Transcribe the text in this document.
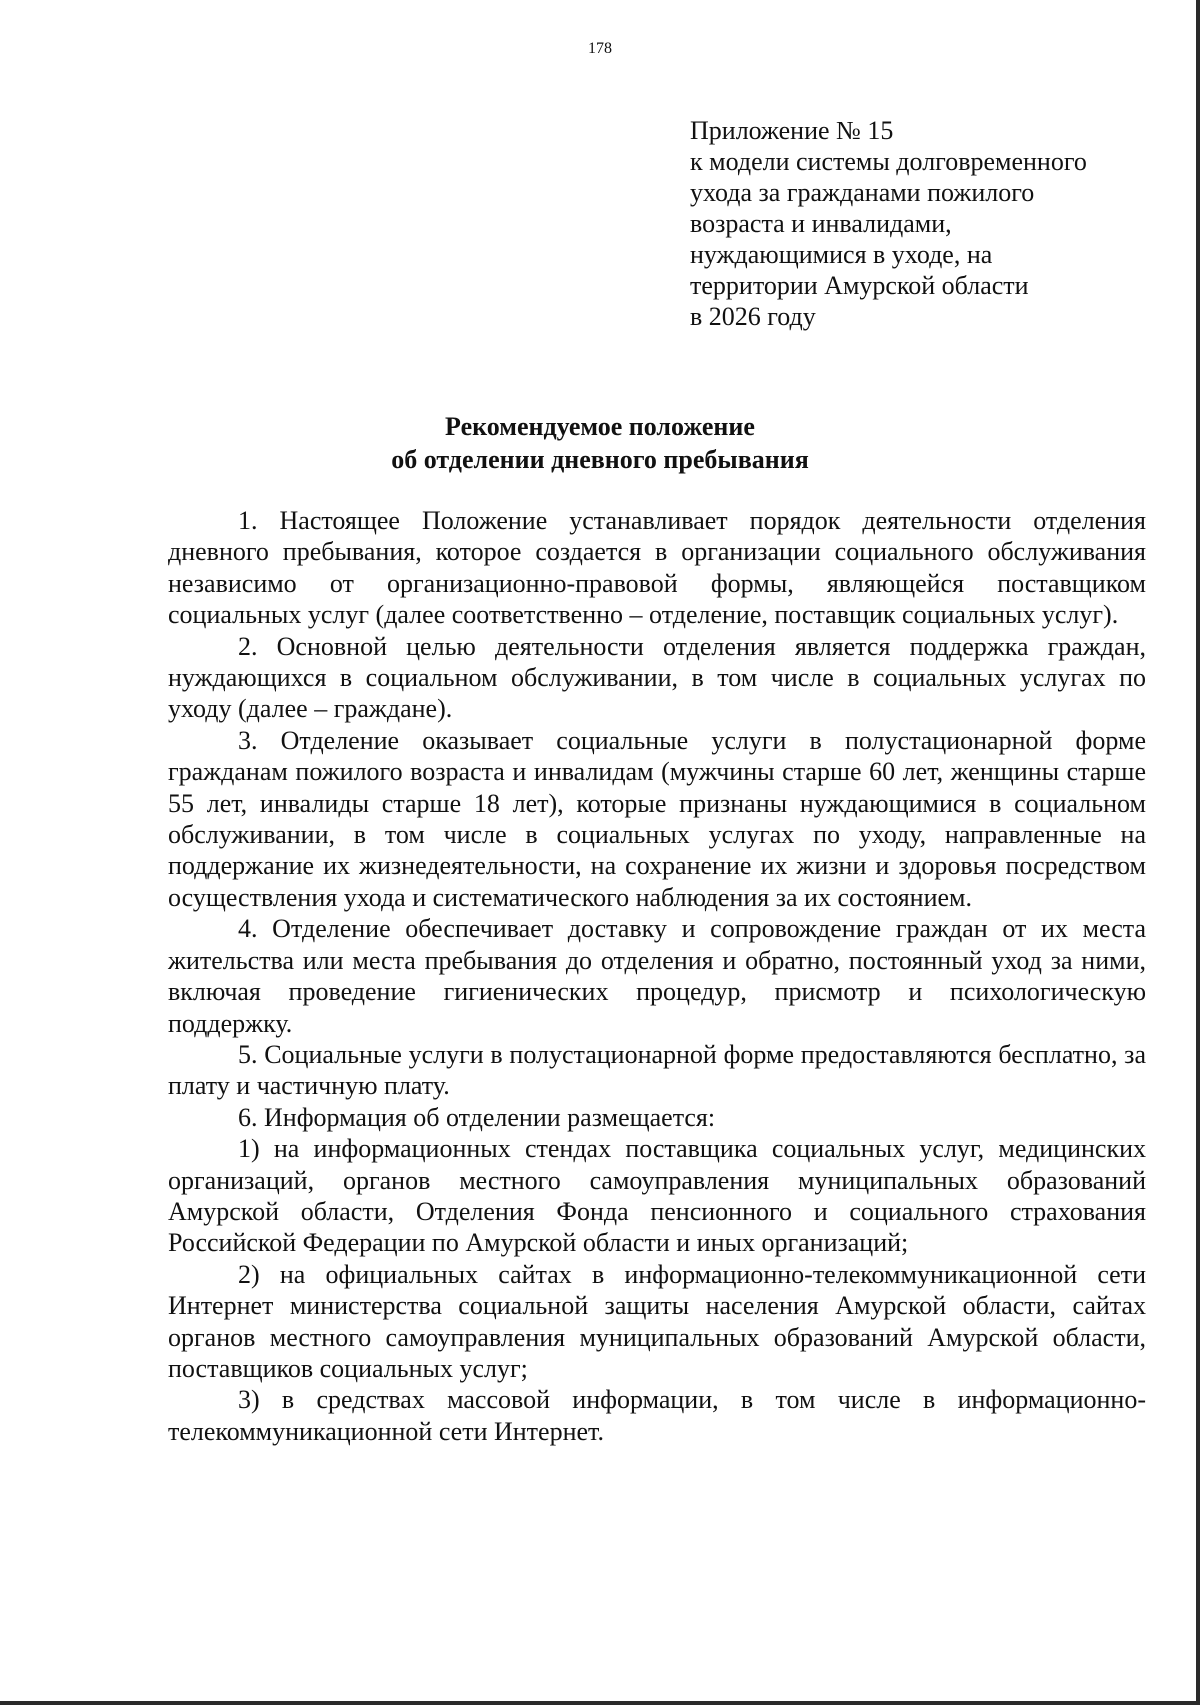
178
Приложение № 15
к модели системы долговременного
ухода за гражданами пожилого
возраста и инвалидами,
нуждающимися в уходе, на
территории Амурской области
в 2026 году
Рекомендуемое положение
об отделении дневного пребывания

1. Настоящее Положение устанавливает порядок деятельности отделения дневного пребывания, которое создается в организации социального обслуживания независимо от организационно-правовой формы, являющейся поставщиком социальных услуг (далее соответственно – отделение, поставщик социальных услуг).

2. Основной целью деятельности отделения является поддержка граждан, нуждающихся в социальном обслуживании, в том числе в социальных услугах по уходу (далее – граждане).

3. Отделение оказывает социальные услуги в полустационарной форме гражданам пожилого возраста и инвалидам (мужчины старше 60 лет, женщины старше 55 лет, инвалиды старше 18 лет), которые признаны нуждающимися в социальном обслуживании, в том числе в социальных услугах по уходу, направленные на поддержание их жизнедеятельности, на сохранение их жизни и здоровья посредством осуществления ухода и систематического наблюдения за их состоянием.

4. Отделение обеспечивает доставку и сопровождение граждан от их места жительства или места пребывания до отделения и обратно, постоянный уход за ними, включая проведение гигиенических процедур, присмотр и психологическую поддержку.

5. Социальные услуги в полустационарной форме предоставляются бесплатно, за плату и частичную плату.

6. Информация об отделении размещается:

1) на информационных стендах поставщика социальных услуг, медицинских организаций, органов местного самоуправления муниципальных образований Амурской области, Отделения Фонда пенсионного и социального страхования Российской Федерации по Амурской области и иных организаций;

2) на официальных сайтах в информационно-телекоммуникационной сети Интернет министерства социальной защиты населения Амурской области, сайтах органов местного самоуправления муниципальных образований Амурской области, поставщиков социальных услуг;

3) в средствах массовой информации, в том числе в информационно-телекоммуникационной сети Интернет.
